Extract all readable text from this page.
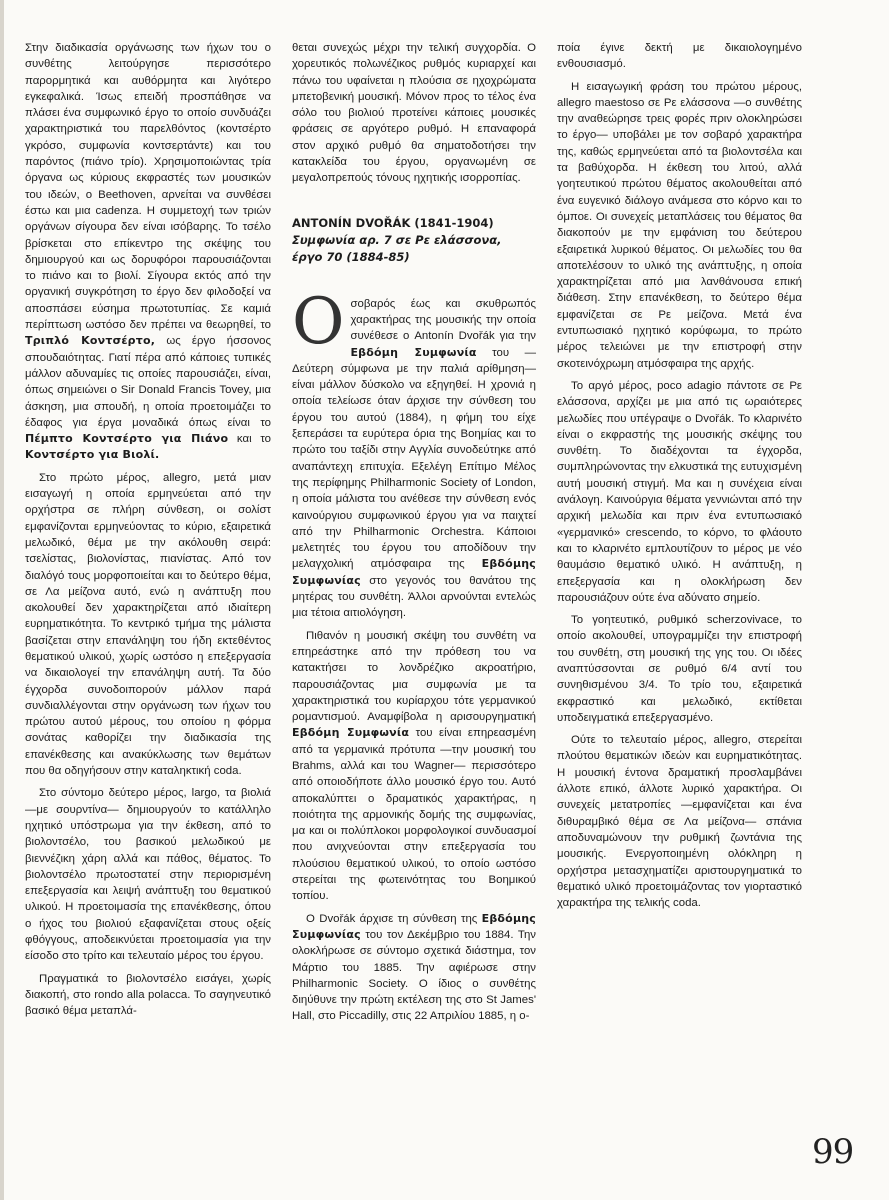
Στην διαδικασία οργάνωσης των ήχων του ο συνθέτης λειτούργησε περισσότερο παρορμητικά και αυθόρμητα και λιγότερο εγκεφαλικά. Ίσως επειδή προσπάθησε να πλάσει ένα συμφωνικό έργο το οποίο συνδυάζει χαρακτηριστικά του παρελθόντος (κοντσέρτο γκρόσο, συμφωνία κοντσερτάντε) και του παρόντος (πιάνο τρίο). Χρησιμοποιώντας τρία όργανα ως κύριους εκφραστές των μουσικών του ιδεών, ο Beethoven, αρνείται να συνθέσει έστω και μια cadenza. Η συμμετοχή των τριών οργάνων σίγουρα δεν είναι ισόβαρης. Το τσέλο βρίσκεται στο επίκεντρο της σκέψης του δημιουργού και ως δορυφόροι παρουσιάζονται το πιάνο και το βιολί. Σίγουρα εκτός από την οργανική συγκρότηση το έργο δεν φιλοδοξεί να αποσπάσει εύσημα πρωτοτυπίας. Σε καμιά περίπτωση ωστόσο δεν πρέπει να θεωρηθεί, το Τριπλό Κοντσέρτο, ως έργο ήσσονος σπουδαιότητας. Γιατί πέρα από κάποιες τυπικές μάλλον αδυναμίες τις οποίες παρουσιάζει, είναι, όπως σημειώνει ο Sir Donald Francis Tovey, μια άσκηση, μια σπουδή, η οποία προετοιμάζει το έδαφος για έργα μοναδικά όπως είναι το Πέμπτο Κοντσέρτο για Πιάνο και το Κοντσέρτο για Βιολί.

Στο πρώτο μέρος, allegro, μετά μιαν εισαγωγή η οποία ερμηνεύεται από την ορχήστρα σε πλήρη σύνθεση, οι σολίστ εμφανίζονται ερμηνεύοντας το κύριο, εξαιρετικά μελωδικό, θέμα με την ακόλουθη σειρά: τσελίστας, βιολονίστας, πιανίστας. Από τον διαλόγό τους μορφοποιείται και το δεύτερο θέμα, σε Λα μείζονα αυτό, ενώ η ανάπτυξη που ακολουθεί δεν χαρακτηρίζεται από ιδιαίτερη ευρηματικότητα. Το κεντρικό τμήμα της μάλιστα βασίζεται στην επανάληψη του ήδη εκτεθέντος θεματικού υλικού, χωρίς ωστόσο η επεξεργασία να δικαιολογεί την επανάληψη αυτή. Τα δύο έγχορδα συνοδοιπορούν μάλλον παρά συνδιαλλέγονται στην οργάνωση των ήχων του πρώτου αυτού μέρους, του οποίου η φόρμα σονάτας καθορίζει την διαδικασία της επανέκθεσης και ανακύκλωσης των θεμάτων που θα οδηγήσουν στην καταληκτική coda.

Στο σύντομο δεύτερο μέρος, largo, τα βιολιά —με σουρντίνα— δημιουργούν το κατάλληλο ηχητικό υπόστρωμα για την έκθεση, από το βιολοντσέλο, του βασικού μελωδικού με βιεννέζικη χάρη αλλά και πάθος, θέματος. Το βιολοντσέλο πρωτοστατεί στην περιορισμένη επεξεργασία και λειψή ανάπτυξη του θεματικού υλικού. Η προετοιμασία της επανέκθεσης, όπου ο ήχος του βιολιού εξαφανίζεται στους οξείς φθόγγους, αποδεικνύεται προετοιμασία για την είσοδο στο τρίτο και τελευταίο μέρος του έργου.

Πραγματικά το βιολοντσέλο εισάγει, χωρίς διακοπή, στο rondo alla polacca. Το σαγηνευτικό βασικό θέμα μεταπλά-

θεται συνεχώς μέχρι την τελική συγχορδία. Ο χορευτικός πολωνέζικος ρυθμός κυριαρχεί και πάνω του υφαίνεται η πλούσια σε ηχοχρώματα μπετοβενική μουσική. Μόνον προς το τέλος ένα σόλο του βιολιού προτείνει κάποιες μουσικές φράσεις σε αργότερο ρυθμό. Η επαναφορά στον αρχικό ρυθμό θα σηματοδοτήσει την κατακλείδα του έργου, οργανωμένη σε μεγαλοπρεπούς τόνους ηχητικής ισορροπίας.

ANTONÍN DVOŘÁK (1841-1904)
Συμφωνία αρ. 7 σε Ρε ελάσσονα,
έργο 70 (1884-85)

Οσοβαρός έως και σκυθρωπός χαρακτήρας της μουσικής την οποία συνέθεσε ο Antonín Dvořák για την Εβδόμη Συμφωνία του —Δεύτερη σύμφωνα με την παλιά αρίθμηση— είναι μάλλον δύσκολο να εξηγηθεί. Η χρονιά η οποία τελείωσε όταν άρχισε την σύνθεση του έργου του αυτού (1884), η φήμη του είχε ξεπεράσει τα ευρύτερα όρια της Βοημίας και το πρώτο του ταξίδι στην Αγγλία συνοδεύτηκε από αναπάντεχη επιτυχία. Εξελέγη Επίτιμο Μέλος της περίφημης Philharmonic Society of London, η οποία μάλιστα του ανέθεσε την σύνθεση ενός καινούργιου συμφωνικού έργου για να παιχτεί από την Philharmonic Orchestra. Κάποιοι μελετητές του έργου του αποδίδουν την μελαγχολική ατμόσφαιρα της Εβδόμης Συμφωνίας στο γεγονός του θανάτου της μητέρας του συνθέτη. Άλλοι αρνούνται εντελώς μια τέτοια αιτιολόγηση.

Πιθανόν η μουσική σκέψη του συνθέτη να επηρεάστηκε από την πρόθεση του να κατακτήσει το λονδρέζικο ακροατήριο, παρουσιάζοντας μια συμφωνία με τα χαρακτηριστικά του κυρίαρχου τότε γερμανικού ρομαντισμού. Αναμφίβολα η αρισουργηματική Εβδόμη Συμφωνία του είναι επηρεασμένη από τα γερμανικά πρότυπα —την μουσική του Brahms, αλλά και του Wagner— περισσότερο από οποιοδήποτε άλλο μουσικό έργο του. Αυτό αποκαλύπτει ο δραματικός χαρακτήρας, η ποιότητα της αρμονικής δομής της συμφωνίας, μα και οι πολύπλοκοι μορφολογικοί συνδυασμοί που ανιχνεύονται στην επεξεργασία του πλούσιου θεματικού υλικού, το οποίο ωστόσο στερείται της φωτεινότητας του Βοημικού τοπίου.

Ο Dvořák άρχισε τη σύνθεση της Εβδόμης Συμφωνίας του τον Δεκέμβριο του 1884. Την ολοκλήρωσε σε σύντομο σχετικά διάστημα, τον Μάρτιο του 1885. Την αφιέρωσε στην Philharmonic Society. Ο ίδιος ο συνθέτης διηύθυνε την πρώτη εκτέλεση της στο St James' Hall, στο Piccadilly, στις 22 Απριλίου 1885, η ο-

ποία έγινε δεκτή με δικαιολογημένο ενθουσιασμό.

Η εισαγωγική φράση του πρώτου μέρους, allegro maestoso σε Ρε ελάσσονα —ο συνθέτης την αναθεώρησε τρεις φορές πριν ολοκληρώσει το έργο— υποβάλει με τον σοβαρό χαρακτήρα της, καθώς ερμηνεύεται από τα βιολοντσέλα και τα βαθύχορδα. Η έκθεση του λιτού, αλλά γοητευτικού πρώτου θέματος ακολουθείται από ένα ευγενικό διάλογο ανάμεσα στο κόρνο και το όμποε. Οι συνεχείς μεταπλάσεις του θέματος θα διακοπούν με την εμφάνιση του δεύτερου εξαιρετικά λυρικού θέματος. Οι μελωδίες του θα αποτελέσουν το υλικό της ανάπτυξης, η οποία χαρακτηρίζεται από μια λανθάνουσα επική διάθεση. Στην επανέκθεση, το δεύτερο θέμα εμφανίζεται σε Ρε μείζονα. Μετά ένα εντυπωσιακό ηχητικό κορύφωμα, το πρώτο μέρος τελειώνει με την επιστροφή στην σκοτεινόχρωμη ατμόσφαιρα της αρχής.

Το αργό μέρος, poco adagio πάντοτε σε Ρε ελάσσονα, αρχίζει με μια από τις ωραιότερες μελωδίες που υπέγραψε ο Dvořák. Το κλαρινέτο είναι ο εκφραστής της μουσικής σκέψης του συνθέτη. Το διαδέχονται τα έγχορδα, συμπληρώνοντας την ελκυστικά της ευτυχισμένη αυτή μουσική στιγμή. Μα και η συνέχεια είναι ανάλογη. Καινούργια θέματα γεννιώνται από την αρχική μελωδία και πριν ένα εντυπωσιακό «γερμανικό» crescendo, το κόρνο, το φλάουτο και το κλαρινέτο εμπλουτίζουν το μέρος με νέο θαυμάσιο θεματικό υλικό. Η ανάπτυξη, η επεξεργασία και η ολοκλήρωση δεν παρουσιάζουν ούτε ένα αδύνατο σημείο.

Το γοητευτικό, ρυθμικό scherzovivace, το οποίο ακολουθεί, υπογραμμίζει την επιστροφή του συνθέτη, στη μουσική της γης του. Οι ιδέες αναπτύσσονται σε ρυθμό 6/4 αντί του συνηθισμένου 3/4. Το τρίο του, εξαιρετικά εκφραστικό και μελωδικό, εκτίθεται υποδειγματικά επεξεργασμένο.

Ούτε το τελευταίο μέρος, allegro, στερείται πλούτου θεματικών ιδεών και ευρηματικότητας. Η μουσική έντονα δραματική προσλαμβάνει άλλοτε επικό, άλλοτε λυρικό χαρακτήρα. Οι συνεχείς μετατροπίες —εμφανίζεται και ένα διθυραμβικό θέμα σε Λα μείζονα— σπάνια αποδυναμώνουν την ρυθμική ζωντάνια της μουσικής. Ενεργοποιημένη ολόκληρη η ορχήστρα μετασχηματίζει αριστουργηματικά το θεματικό υλικό προετοιμάζοντας τον γιορταστικό χαρακτήρα της τελικής coda.

99
